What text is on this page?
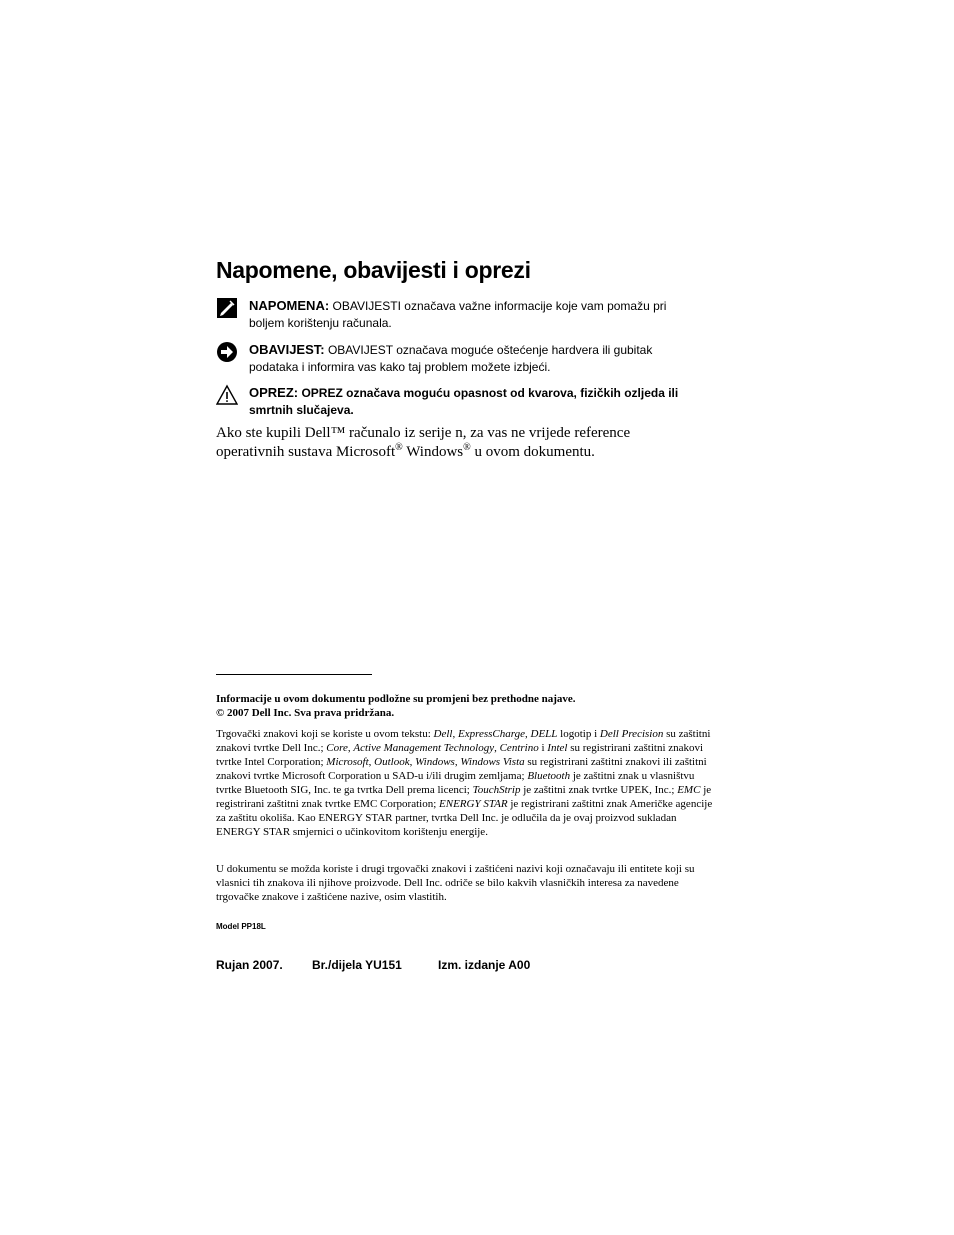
Napomene, obavijesti i oprezi
NAPOMENA: OBAVIJESTI označava važne informacije koje vam pomažu pri
boljem korištenju računala.
OBAVIJEST: OBAVIJEST označava moguće oštećenje hardvera ili gubitak
podataka i informira vas kako taj problem možete izbjeći.
OPREZ: OPREZ označava moguću opasnost od kvarova, fizičkih ozljeda ili
smrtnih slučajeva.

Ako ste kupili Dell™ računalo iz serije n, za vas ne vrijede reference
operativnih sustava Microsoft® Windows® u ovom dokumentu.

Informacije u ovom dokumentu podložne su promjeni bez prethodne najave.
© 2007 Dell Inc. Sva prava pridržana.

Trgovački znakovi koji se koriste u ovom tekstu: Dell, ExpressCharge, DELL logotip i Dell Precision su zaštitni znakovi tvrtke Dell Inc.; Core, Active Management Technology, Centrino i Intel su registrirani zaštitni znakovi tvrtke Intel Corporation; Microsoft, Outlook, Windows, Windows Vista su registrirani zaštitni znakovi ili zaštitni znakovi tvrtke Microsoft Corporation u SAD-u i/ili drugim zemljama; Bluetooth je zaštitni znak u vlasništvu tvrtke Bluetooth SIG, Inc. te ga tvrtka Dell prema licenci; TouchStrip je zaštitni znak tvrtke UPEK, Inc.; EMC je registrirani zaštitni znak tvrtke EMC Corporation; ENERGY STAR je registrirani zaštitni znak Američke agencije za zaštitu okoliša. Kao ENERGY STAR partner, tvrtka Dell Inc. je odlučila da je ovaj proizvod sukladan ENERGY STAR smjernici o učinkovitom korištenju energije.

U dokumentu se možda koriste i drugi trgovački znakovi i zaštićeni nazivi koji označavaju ili entitete koji su vlasnici tih znakova ili njihove proizvode. Dell Inc. odriče se bilo kakvih vlasničkih interesa za navedene trgovačke znakove i zaštićene nazive, osim vlastitih.

Model PP18L
Rujan 2007. Br./dijela YU151	Izm. izdanje A00
